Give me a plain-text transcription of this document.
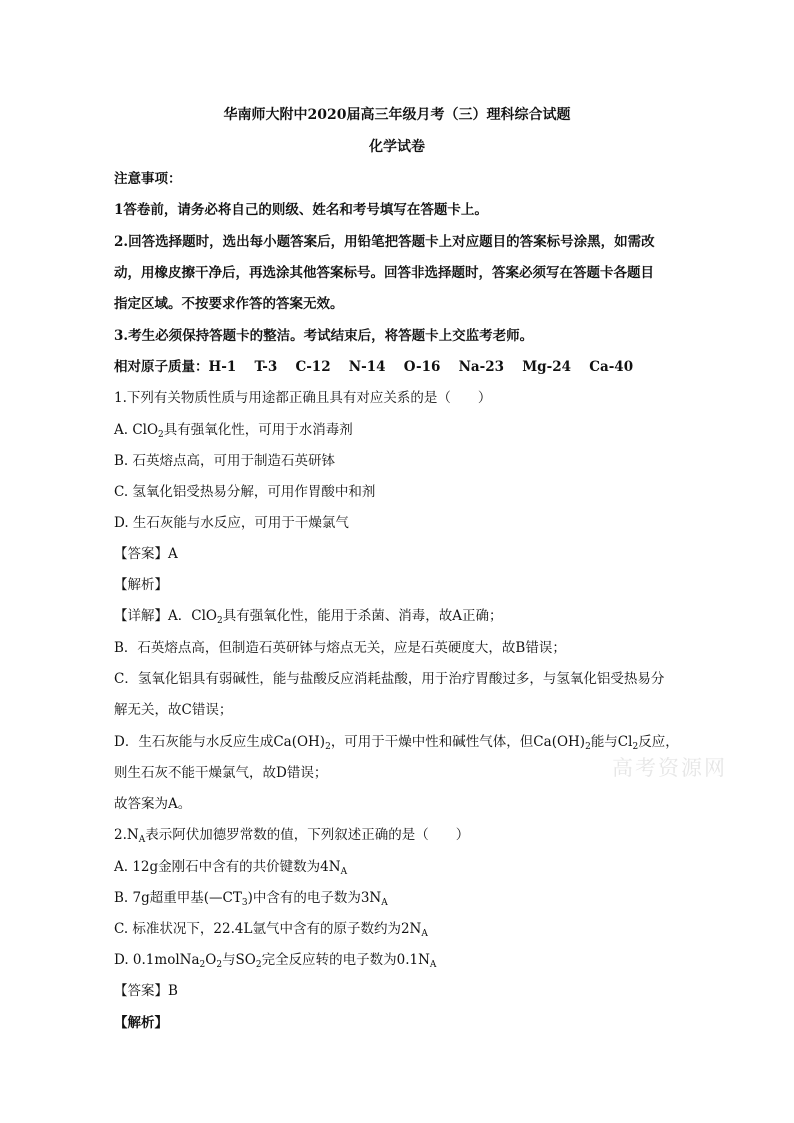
华南师大附中2020届高三年级月考（三）理科综合试题
化学试卷
注意事项：
1答卷前，请务必将自己的则级、姓名和考号填写在答题卡上。
2.回答选择题时，选出每小题答案后，用铅笔把答题卡上对应题目的答案标号涂黑，如需改
动，用橡皮擦干净后，再选涂其他答案标号。回答非选择题时，答案必须写在答题卡各题目
指定区域。不按要求作答的答案无效。
3.考生必须保持答题卡的整洁。考试结束后，将答题卡上交监考老师。
相对原子质量：H-1　 T-3　 C-12　 N-14　 O-16　 Na-23　 Mg-24　 Ca-40
1.下列有关物质性质与用途都正确且具有对应关系的是（　　）
A. ClO$_2$具有强氧化性，可用于水消毒剂
B. 石英熔点高，可用于制造石英研钵
C. 氢氧化铝受热易分解，可用作胃酸中和剂
D. 生石灰能与水反应，可用于干燥氯气
【答案】A
【解析】
【详解】A．ClO$_2$具有强氧化性，能用于杀菌、消毒，故A正确；
B．石英熔点高，但制造石英研钵与熔点无关，应是石英硬度大，故B错误；
C．氢氧化铝具有弱碱性，能与盐酸反应消耗盐酸，用于治疗胃酸过多，与氢氧化铝受热易分
解无关，故C错误；
D．生石灰能与水反应生成$Ca(OH)_2$，可用于干燥中性和碱性气体，但$Ca(OH)_2$能与$Cl_2$反应，
则生石灰不能干燥氯气，故D错误；
故答案为A。
$2.N_A$表示阿伏加德罗常数的值，下列叙述正确的是（　　）
A. 12g金刚石中含有的共价键数为$4N_A$
B. 7g超重甲基$(—CT_3)$中含有的电子数为$3N_A$
C. 标准状况下，22.4L氩气中含有的原子数约为$2N_A$
D. $0.1molNa_2O_2$与$SO_2$完全反应转的电子数为$0.1N_A$
【答案】B
【解析】
高考资源网
